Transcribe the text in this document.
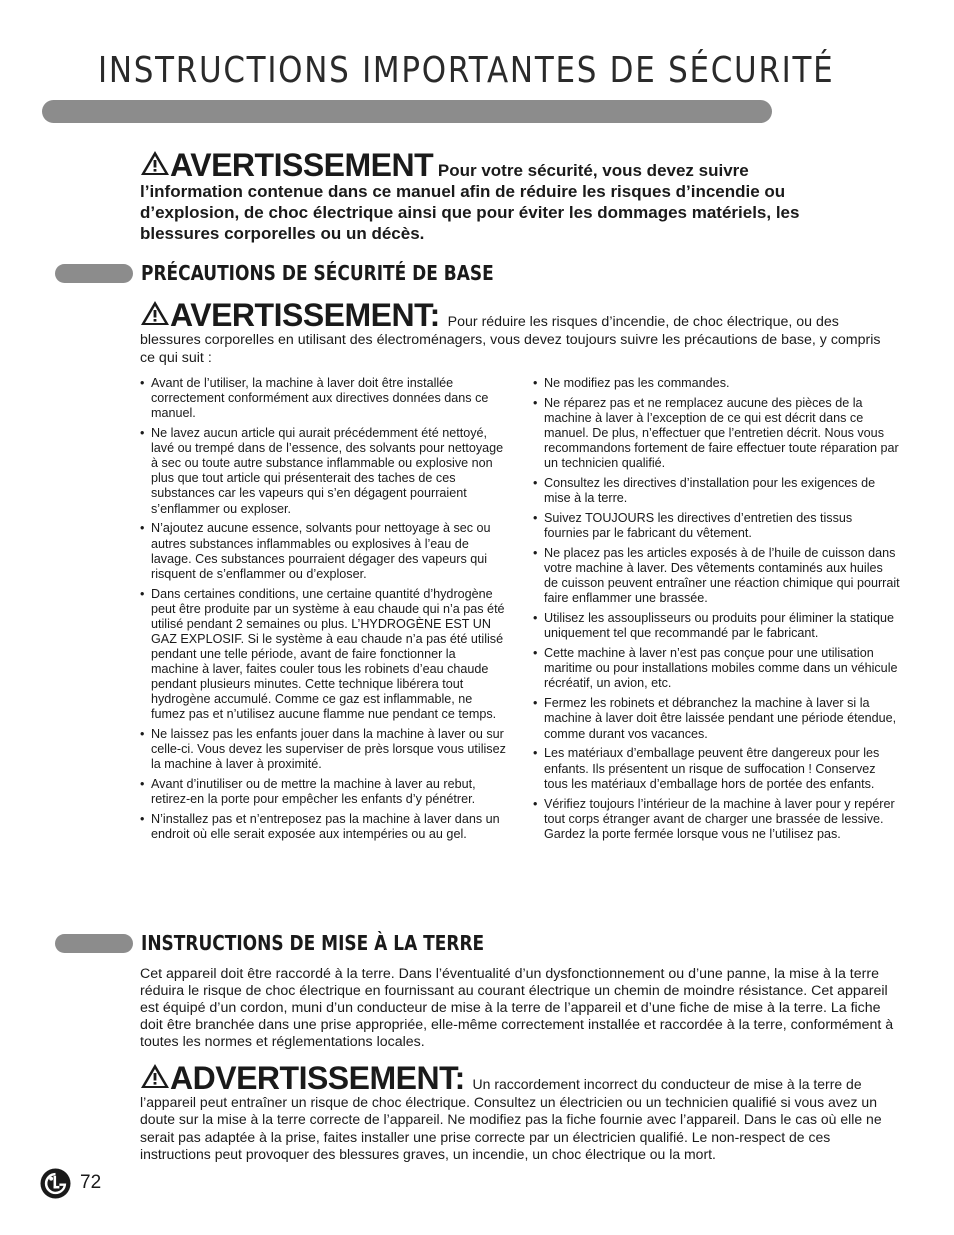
INSTRUCTIONS IMPORTANTES DE SÉCURITÉ
AVERTISSEMENT Pour votre sécurité, vous devez suivre
l’information contenue dans ce manuel afin de réduire les risques d’incendie ou d’explosion, de choc électrique ainsi que pour éviter les dommages matériels, les blessures corporelles ou un décès.
PRÉCAUTIONS DE SÉCURITÉ DE BASE
AVERTISSEMENT: Pour réduire les risques d’incendie, de choc électrique, ou des blessures corporelles en utilisant des électroménagers, vous devez toujours suivre les précautions de base, y compris ce qui suit :
• Avant de l’utiliser, la machine à laver doit être installée correctement conformément aux directives données dans ce manuel.
• Ne lavez aucun article qui aurait précédemment été nettoyé, lavé ou trempé dans de l’essence, des solvants pour nettoyage à sec ou toute autre substance inflammable ou explosive non plus que tout article qui présenterait des taches de ces substances car les vapeurs qui s’en dégagent pourraient s’enflammer ou exploser.
• N’ajoutez aucune essence, solvants pour nettoyage à sec ou autres substances inflammables ou explosives à l’eau de lavage. Ces substances pourraient dégager des vapeurs qui risquent de s’enflammer ou d’exploser.
• Dans certaines conditions, une certaine quantité d’hydrogène peut être produite par un système à eau chaude qui n’a pas été utilisé pendant 2 semaines ou plus. L’HYDROGÈNE EST UN GAZ EXPLOSIF. Si le système à eau chaude n’a pas été utilisé pendant une telle période, avant de faire fonctionner la machine à laver, faites couler tous les robinets d’eau chaude pendant plusieurs minutes. Cette technique libérera tout hydrogène accumulé. Comme ce gaz est inflammable, ne fumez pas et n’utilisez aucune flamme nue pendant ce temps.
• Ne laissez pas les enfants jouer dans la machine à laver ou sur celle-ci. Vous devez les superviser de près lorsque vous utilisez la machine à laver à proximité.
• Avant d’inutiliser ou de mettre la machine à laver au rebut, retirez-en la porte pour empêcher les enfants d’y pénétrer.
• N’installez pas et n’entreposez pas la machine à laver dans un endroit où elle serait exposée aux intempéries ou au gel.
• Ne modifiez pas les commandes.
• Ne réparez pas et ne remplacez aucune des pièces de la machine à laver à l’exception de ce qui est décrit dans ce manuel. De plus, n’effectuer que l’entretien décrit. Nous vous recommandons fortement de faire effectuer toute réparation par un technicien qualifié.
• Consultez les directives d’installation pour les exigences de mise à la terre.
• Suivez TOUJOURS les directives d’entretien des tissus fournies par le fabricant du vêtement.
• Ne placez pas les articles exposés à de l’huile de cuisson dans votre machine à laver. Des vêtements contaminés aux huiles de cuisson peuvent entraîner une réaction chimique qui pourrait faire enflammer une brassée.
• Utilisez les assouplisseurs ou produits pour éliminer la statique uniquement tel que recommandé par le fabricant.
• Cette machine à laver n’est pas conçue pour une utilisation maritime ou pour installations mobiles comme dans un véhicule récréatif, un avion, etc.
• Fermez les robinets et débranchez la machine à laver si la machine à laver doit être laissée pendant une période étendue, comme durant vos vacances.
• Les matériaux d’emballage peuvent être dangereux pour les enfants. Ils présentent un risque de suffocation ! Conservez tous les matériaux d’emballage hors de portée des enfants.
• Vérifiez toujours l’intérieur de la machine à laver pour y repérer tout corps étranger avant de charger une brassée de lessive. Gardez la porte fermée lorsque vous ne l’utilisez pas.
INSTRUCTIONS DE MISE À LA TERRE
Cet appareil doit être raccordé à la terre. Dans l’éventualité d’un dysfonctionnement ou d’une panne, la mise à la terre réduira le risque de choc électrique en fournissant au courant électrique un chemin de moindre résistance. Cet appareil est équipé d’un cordon, muni d’un conducteur de mise à la terre de l’appareil et d’une fiche de mise à la terre. La fiche doit être branchée dans une prise appropriée, elle-même correctement installée et raccordée à la terre, conformément à toutes les normes et réglementations locales.
ADVERTISSEMENT: Un raccordement incorrect du conducteur de mise à la terre de l’appareil peut entraîner un risque de choc électrique. Consultez un électricien ou un technicien qualifié si vous avez un doute sur la mise à la terre correcte de l’appareil. Ne modifiez pas la fiche fournie avec l’appareil. Dans le cas où elle ne serait pas adaptée à la prise, faites installer une prise correcte par un électricien qualifié. Le non-respect de ces instructions peut provoquer des blessures graves, un incendie, un choc électrique ou la mort.
72
